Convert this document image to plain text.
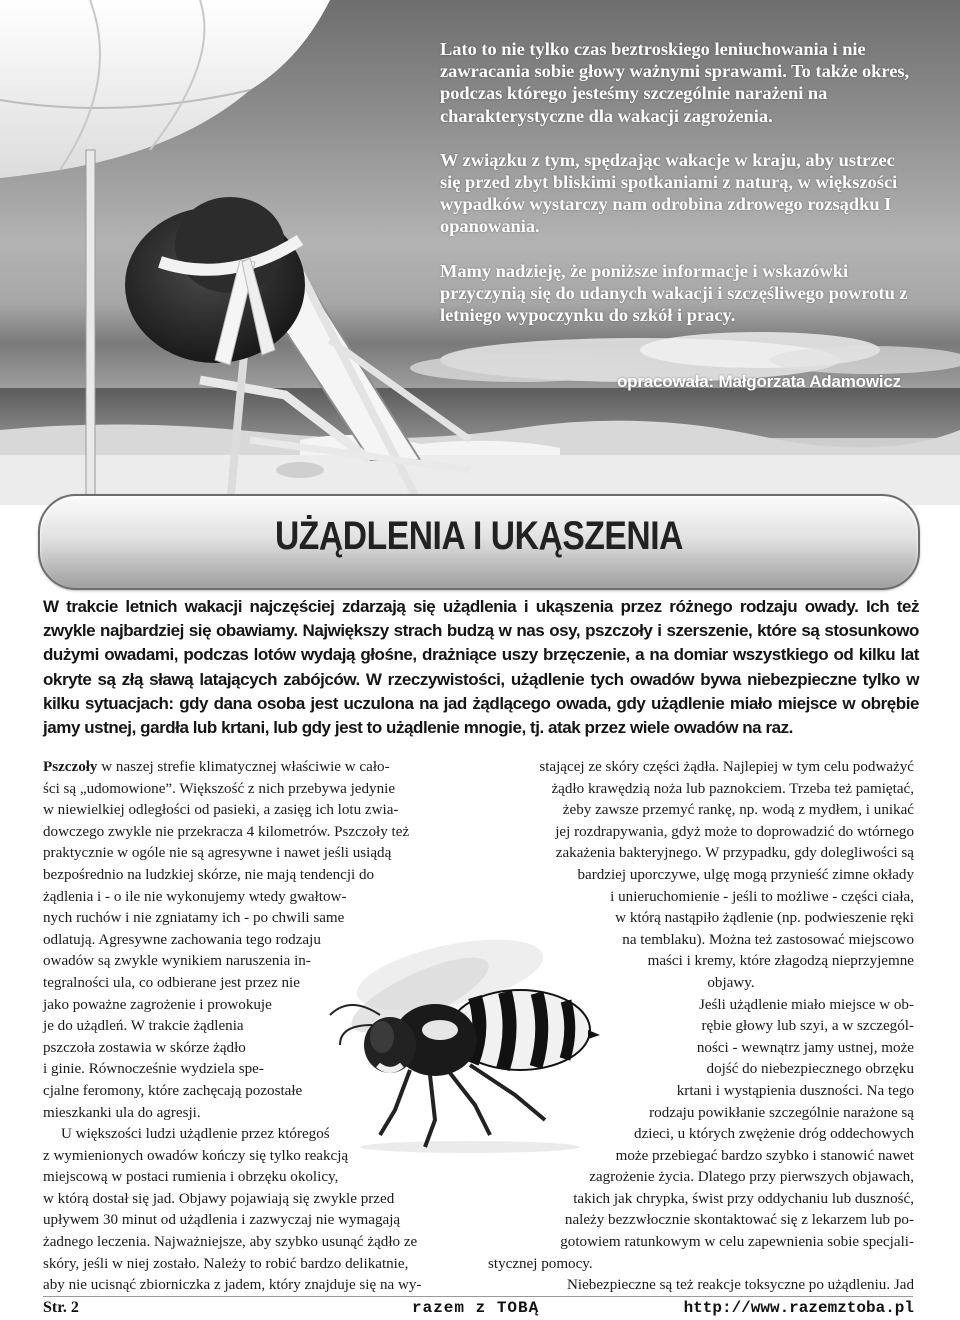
Lato to nie tylko czas beztroskiego leniuchowania i nie zawracania sobie głowy ważnymi sprawami. To także okres, podczas którego jesteśmy szczególnie narażeni na charakterystyczne dla wakacji zagrożenia.

W związku z tym, spędzając wakacje w kraju, aby ustrzec się przed zbyt bliskimi spotkaniami z naturą, w większości wypadków wystarczy nam odrobina zdrowego rozsądku I opanowania.

Mamy nadzieję, że poniższe informacje i wskazówki przyczynią się do udanych wakacji i szczęśliwego powrotu z letniego wypoczynku do szkół i pracy.

opracowała: Małgorzata Adamowicz
UŻĄDLENIA I UKĄSZENIA
W trakcie letnich wakacji najczęściej zdarzają się użądlenia i ukąszenia przez różnego rodzaju owady. Ich też zwykle najbardziej się obawiamy. Największy strach budzą w nas osy, pszczoły i szerszenie, które są stosunkowo dużymi owadami, podczas lotów wydają głośne, drażniące uszy brzęczenie, a na domiar wszystkiego od kilku lat okryte są złą sławą latających zabójców. W rzeczywistości, użądlenie tych owadów bywa niebezpieczne tylko w kilku sytuacjach: gdy dana osoba jest uczulona na jad żądlącego owada, gdy użądlenie miało miejsce w obrębie jamy ustnej, gardła lub krtani, lub gdy jest to użądlenie mnogie, tj. atak przez wiele owadów na raz.
Pszczoły w naszej strefie klimatycznej właściwie w cało-
ści są „udomowione”. Większość z nich przebywa jedynie
w niewielkiej odległości od pasieki, a zasięg ich lotu zwia-
dowczego zwykle nie przekracza 4 kilometrów. Pszczoły też
praktycznie w ogóle nie są agresywne i nawet jeśli usiądą
bezpośrednio na ludzkiej skórze, nie mają tendencji do
żądlenia i - o ile nie wykonujemy wtedy gwałtow-
nych ruchów i nie zgniatamy ich - po chwili same
odlatują. Agresywne zachowania tego rodzaju
owadów są zwykle wynikiem naruszenia in-
tegralności ula, co odbierane jest przez nie
jako poważne zagrożenie i prowokuje
je do użądleń. W trakcie żądlenia
pszczoła zostawia w skórze żądło
i ginie. Równocześnie wydziela spe-
cjalne feromony, które zachęcają pozostałe
mieszkanki ula do agresji.
U większości ludzi użądlenie przez któregoś
z wymienionych owadów kończy się tylko reakcją
miejscową w postaci rumienia i obrzęku okolicy,
w którą dostał się jad. Objawy pojawiają się zwykle przed
upływem 30 minut od użądlenia i zazwyczaj nie wymagają
żadnego leczenia. Najważniejsze, aby szybko usunąć żądło ze
skóry, jeśli w niej zostało. Należy to robić bardzo delikatnie,
aby nie ucisnąć zbiorniczka z jadem, który znajduje się na wy-
stającej ze skóry części żądła. Najlepiej w tym celu podważyć
żądło krawędzią noża lub paznokciem. Trzeba też pamiętać,
żeby zawsze przemyć rankę, np. wodą z mydłem, i unikać
jej rozdrapywania, gdyż może to doprowadzić do wtórnego
zakażenia bakteryjnego. W przypadku, gdy dolegliwości są
bardziej uporczywe, ulgę mogą przynieść zimne okłady
i unieruchomienie - jeśli to możliwe - części ciała,
w którą nastąpiło żądlenie (np. podwieszenie ręki
na temblaku). Można też zastosować miejscowo
maści i kremy, które złagodzą nieprzyjemne
objawy.
Jeśli użądlenie miało miejsce w ob-
rębie głowy lub szyi, a w szczegól-
ności - wewnątrz jamy ustnej, może
dojść do niebezpiecznego obrzęku
krtani i wystąpienia duszności. Na tego
rodzaju powikłanie szczególnie narażone są
dzieci, u których zwężenie dróg oddechowych
może przebiegać bardzo szybko i stanowić nawet
zagrożenie życia. Dlatego przy pierwszych objawach,
takich jak chrypka, świst przy oddychaniu lub duszność,
należy bezzwłocznie skontaktować się z lekarzem lub po-
gotowiem ratunkowym w celu zapewnienia sobie specjali-
stycznej pomocy.
Niebezpieczne są też reakcje toksyczne po użądleniu. Jad
Str. 2	razem z TOBĄ	http://www.razemztoba.pl
